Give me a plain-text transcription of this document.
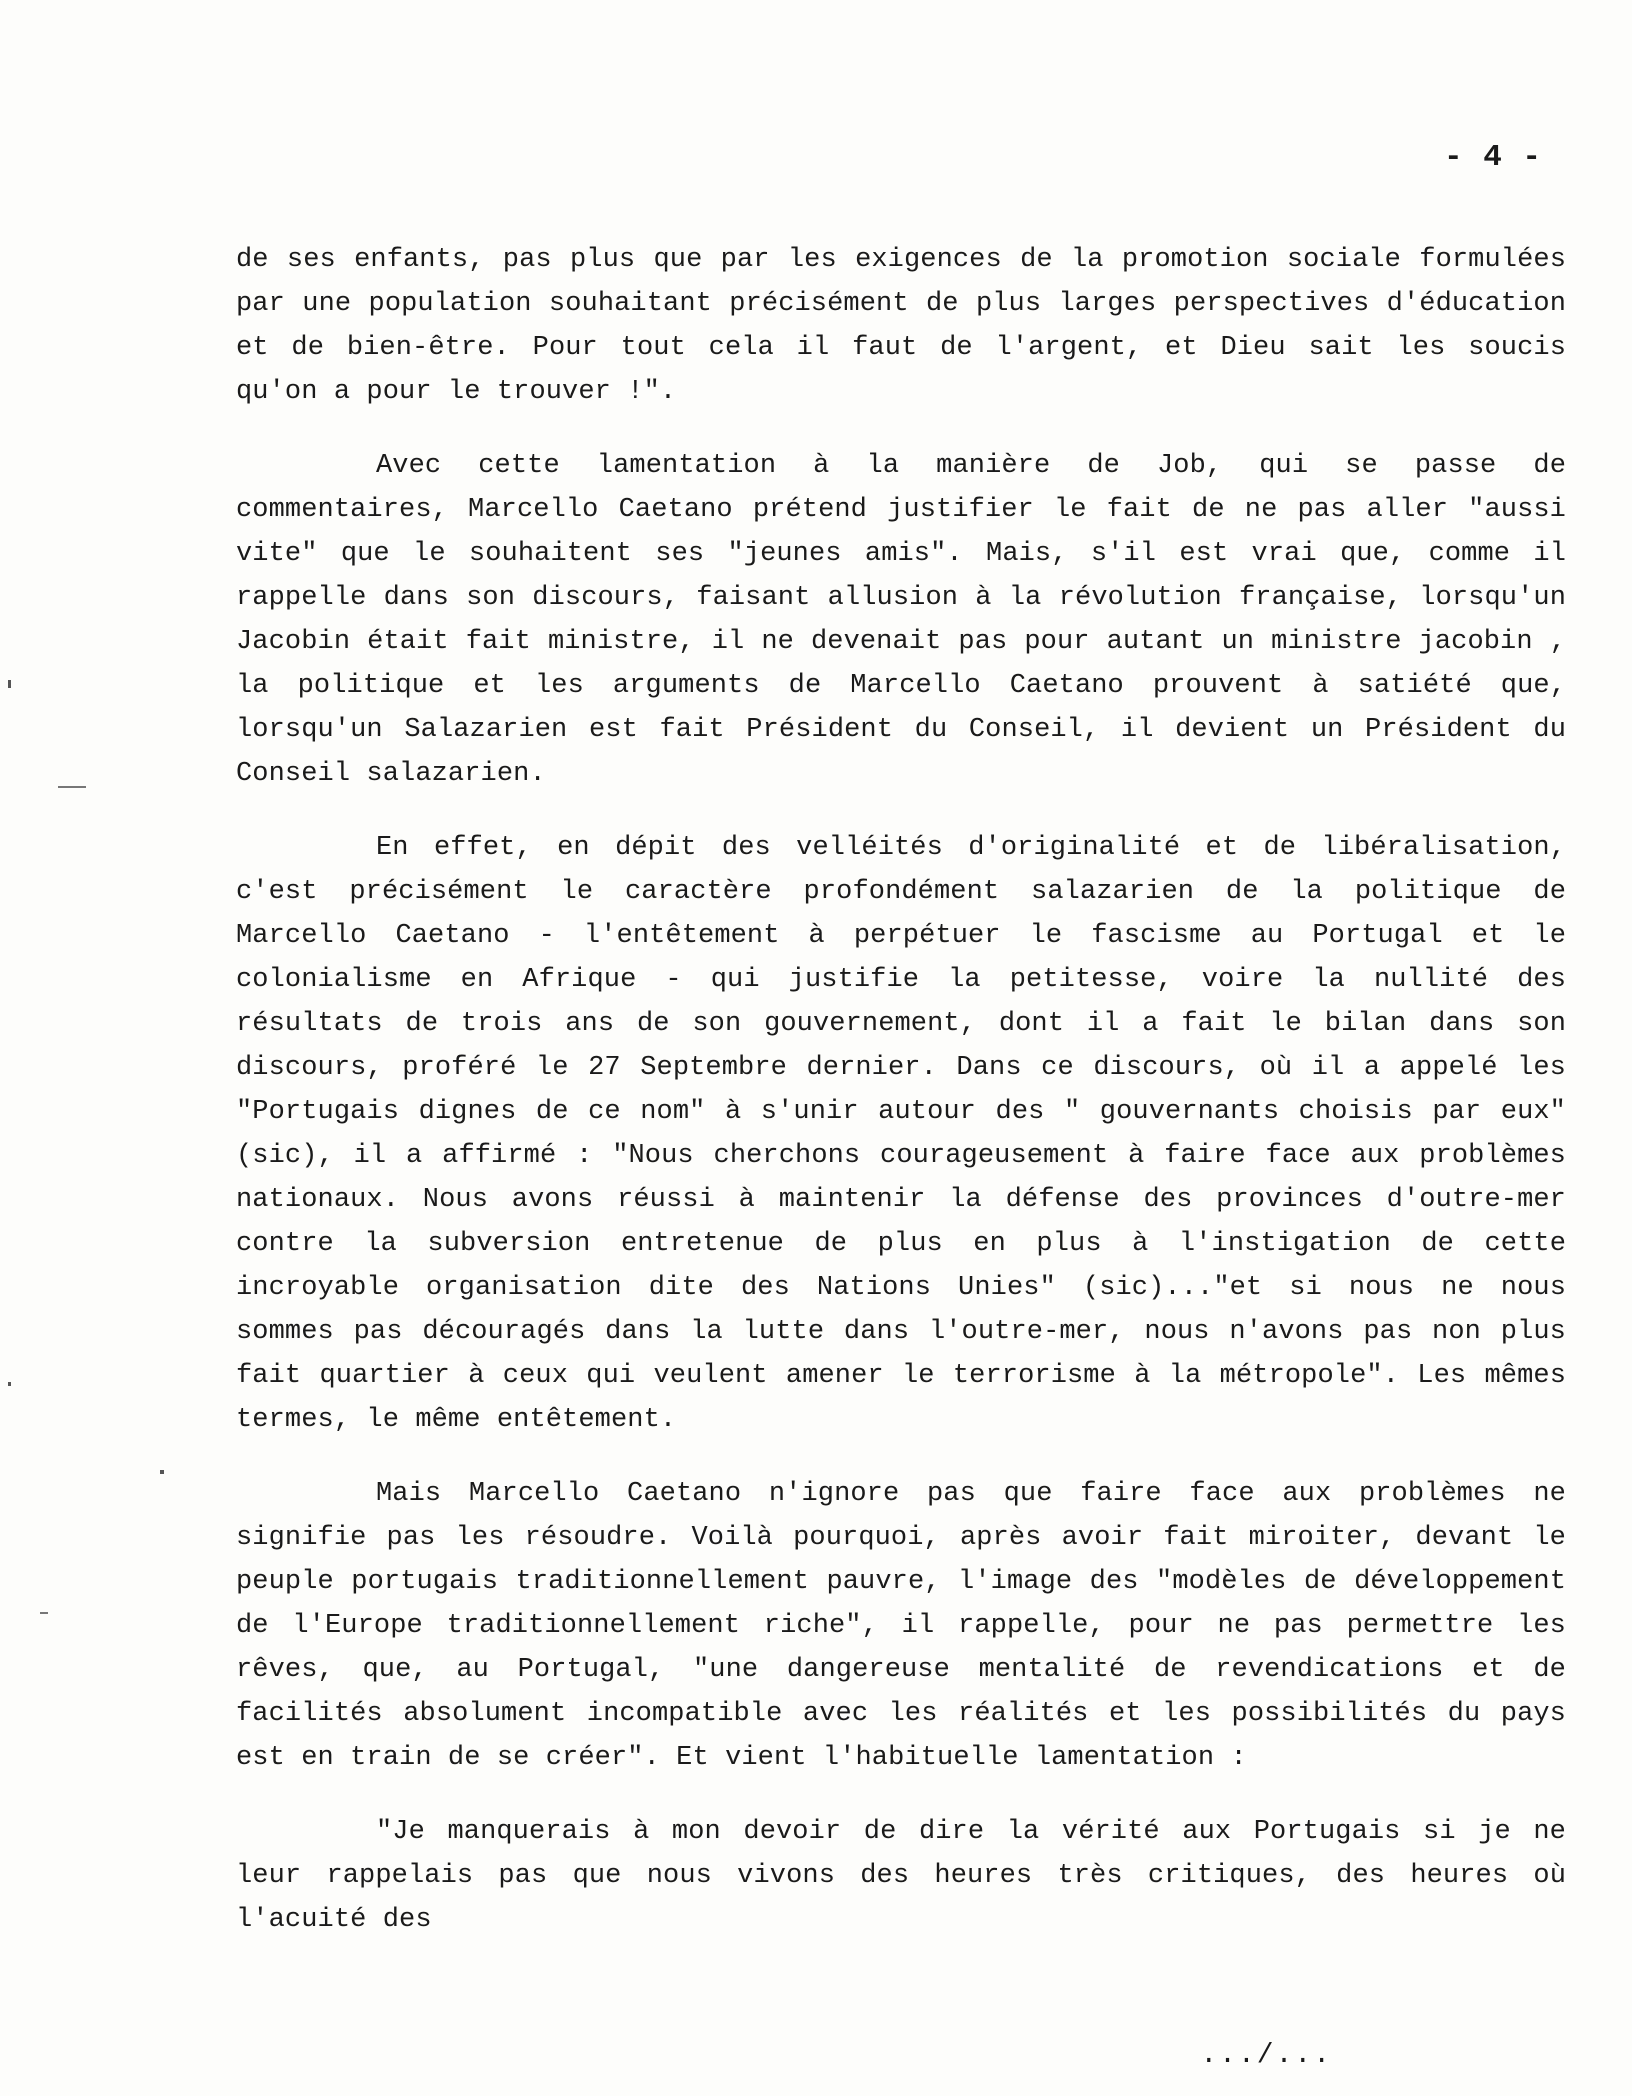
- 4 -

de ses enfants, pas plus que par les exigences de la promotion sociale formulées par une population souhaitant précisément de plus larges perspectives d'éducation et de bien-être. Pour tout cela il faut de l'argent, et Dieu sait les soucis qu'on a pour le trouver !".

Avec cette lamentation à la manière de Job, qui se passe de commentaires, Marcello Caetano prétend justifier le fait de ne pas aller "aussi vite" que le souhaitent ses "jeunes amis". Mais, s'il est vrai que, comme il rappelle dans son discours, faisant allusion à la révolution française, lorsqu'un Jacobin était fait ministre, il ne devenait pas pour autant un ministre jacobin , la politique et les arguments de Marcello Caetano prouvent à satiété que, lorsqu'un Salazarien est fait Président du Conseil, il devient un Président du Conseil salazarien.

En effet, en dépit des velléités d'originalité et de libéralisation, c'est précisément le caractère profondément salazarien de la politique de Marcello Caetano - l'entêtement à perpétuer le fascisme au Portugal et le colonialisme en Afrique - qui justifie la petitesse, voire la nullité des résultats de trois ans de son gouvernement, dont il a fait le bilan dans son discours, proféré le 27 Septembre dernier. Dans ce discours, où il a appelé les "Portugais dignes de ce nom" à s'unir autour des " gouvernants choisis par eux" (sic), il a affirmé : "Nous cherchons courageusement à faire face aux problèmes nationaux. Nous avons réussi à maintenir la défense des provinces d'outre-mer contre la subversion entretenue de plus en plus à l'instigation de cette incroyable organisation dite des Nations Unies" (sic)..."et si nous ne nous sommes pas découragés dans la lutte dans l'outre-mer, nous n'avons pas non plus fait quartier à ceux qui veulent amener le terrorisme à la métropole". Les mêmes termes, le même entêtement.

Mais Marcello Caetano n'ignore pas que faire face aux problèmes ne signifie pas les résoudre. Voilà pourquoi, après avoir fait miroiter, devant le peuple portugais traditionnellement pauvre, l'image des "modèles de développement de l'Europe traditionnellement riche", il rappelle, pour ne pas permettre les rêves, que, au Portugal, "une dangereuse mentalité de revendications et de facilités absolument incompatible avec les réalités et les possibilités du pays est en train de se créer". Et vient l'habituelle lamentation :

"Je manquerais à mon devoir de dire la vérité aux Portugais si je ne leur rappelais pas que nous vivons des heures très critiques, des heures où l'acuité des

.../...
